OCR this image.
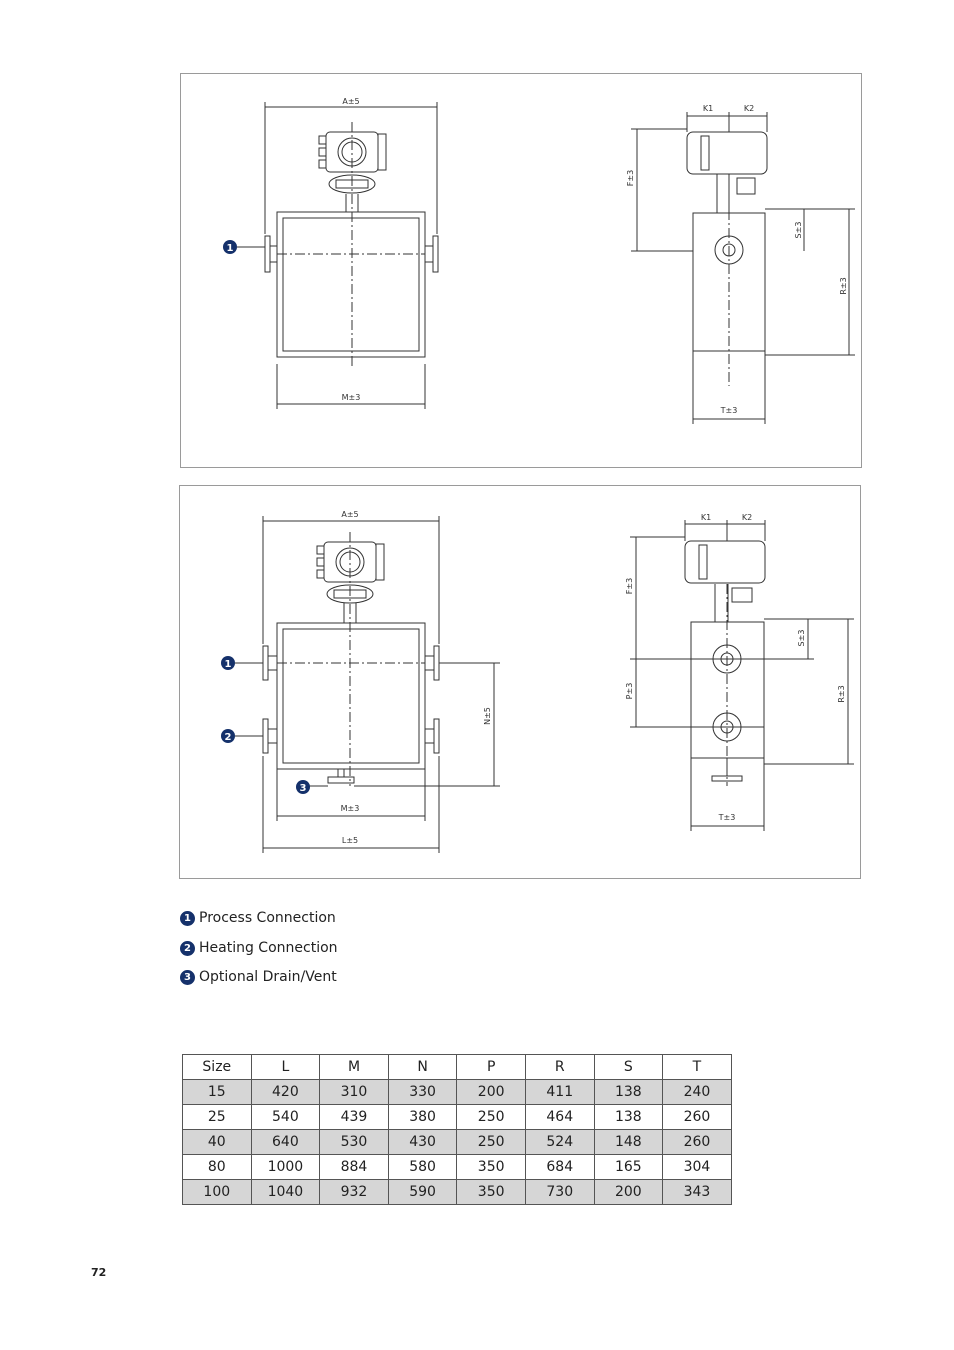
A±5
M±3
K1	K2
F±3
S±3
R±3
T±3
1
A±5
M±3
L±5
N±5
K1	K2
F±3
P±3
S±3
R±3
T±3
1
2
3
1 Process Connection
2 Heating Connection
3 Optional Drain/Vent
Size	L	M	N	P	R	S	T
15	420	310	330	200	411	138	240
25	540	439	380	250	464	138	260
40	640	530	430	250	524	148	260
80	1000	884	580	350	684	165	304
100	1040	932	590	350	730	200	343
72
